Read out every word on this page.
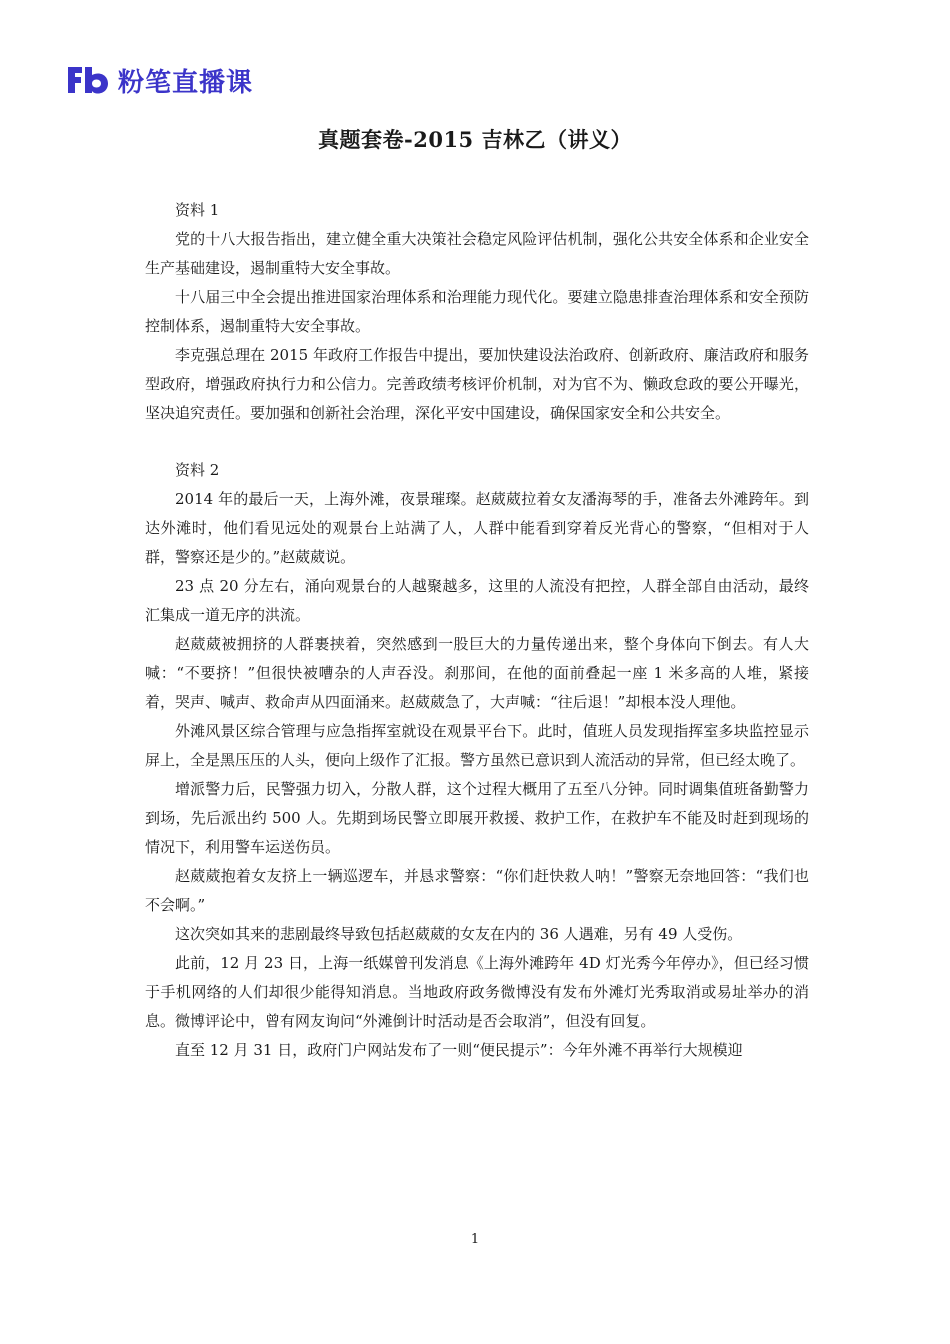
粉笔直播课
真题套卷-2015 吉林乙（讲义）
资料 1

党的十八大报告指出，建立健全重大决策社会稳定风险评估机制，强化公共安全体系和企业安全生产基础建设，遏制重特大安全事故。

十八届三中全会提出推进国家治理体系和治理能力现代化。要建立隐患排查治理体系和安全预防控制体系，遏制重特大安全事故。

李克强总理在 2015 年政府工作报告中提出，要加快建设法治政府、创新政府、廉洁政府和服务型政府，增强政府执行力和公信力。完善政绩考核评价机制，对为官不为、懒政怠政的要公开曝光，坚决追究责任。要加强和创新社会治理，深化平安中国建设，确保国家安全和公共安全。

资料 2

2014 年的最后一天，上海外滩，夜景璀璨。赵葳葳拉着女友潘海琴的手，准备去外滩跨年。到达外滩时，他们看见远处的观景台上站满了人，人群中能看到穿着反光背心的警察，“但相对于人群，警察还是少的。”赵葳葳说。

23 点 20 分左右，涌向观景台的人越聚越多，这里的人流没有把控，人群全部自由活动，最终汇集成一道无序的洪流。

赵葳葳被拥挤的人群裹挟着，突然感到一股巨大的力量传递出来，整个身体向下倒去。有人大喊：“不要挤！”但很快被嘈杂的人声吞没。刹那间，在他的面前叠起一座 1 米多高的人堆，紧接着，哭声、喊声、救命声从四面涌来。赵葳葳急了，大声喊：“往后退！”却根本没人理他。

外滩风景区综合管理与应急指挥室就设在观景平台下。此时，值班人员发现指挥室多块监控显示屏上，全是黑压压的人头，便向上级作了汇报。警方虽然已意识到人流活动的异常，但已经太晚了。

增派警力后，民警强力切入，分散人群，这个过程大概用了五至八分钟。同时调集值班备勤警力到场，先后派出约 500 人。先期到场民警立即展开救援、救护工作，在救护车不能及时赶到现场的情况下，利用警车运送伤员。

赵葳葳抱着女友挤上一辆巡逻车，并恳求警察：“你们赶快救人呐！”警察无奈地回答：“我们也不会啊。”

这次突如其来的悲剧最终导致包括赵葳葳的女友在内的 36 人遇难，另有 49 人受伤。

此前，12 月 23 日，上海一纸媒曾刊发消息《上海外滩跨年 4D 灯光秀今年停办》，但已经习惯于手机网络的人们却很少能得知消息。当地政府政务微博没有发布外滩灯光秀取消或易址举办的消息。微博评论中，曾有网友询问“外滩倒计时活动是否会取消”，但没有回复。

直至 12 月 31 日，政府门户网站发布了一则“便民提示”：今年外滩不再举行大规模迎

1
